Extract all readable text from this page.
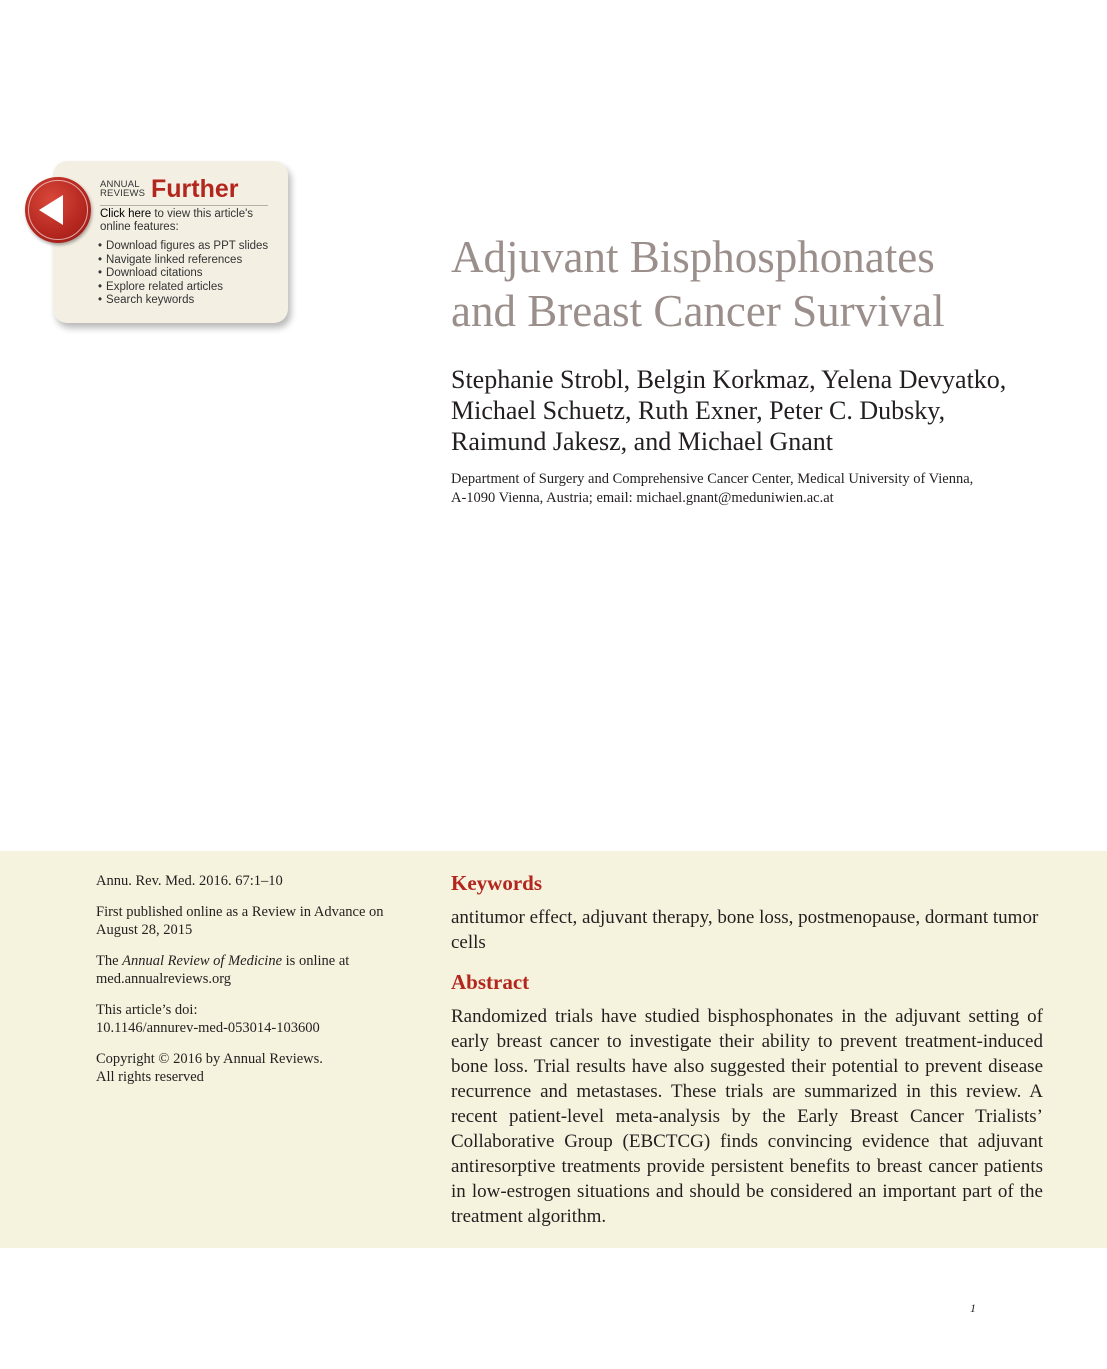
ANNUAL
REVIEWS Further
Click here to view this article's online features:
• Download figures as PPT slides
• Navigate linked references
• Download citations
• Explore related articles
• Search keywords
Adjuvant Bisphosphonates
and Breast Cancer Survival
Stephanie Strobl, Belgin Korkmaz, Yelena Devyatko,
Michael Schuetz, Ruth Exner, Peter C. Dubsky,
Raimund Jakesz, and Michael Gnant
Department of Surgery and Comprehensive Cancer Center, Medical University of Vienna,
A-1090 Vienna, Austria; email: michael.gnant@meduniwien.ac.at

Annu. Rev. Med. 2016. 67:1–10

First published online as a Review in Advance on August 28, 2015

The Annual Review of Medicine is online at med.annualreviews.org

This article’s doi:
10.1146/annurev-med-053014-103600

Copyright © 2016 by Annual Reviews.
All rights reserved

Keywords
antitumor effect, adjuvant therapy, bone loss, postmenopause, dormant tumor cells
Abstract
Randomized trials have studied bisphosphonates in the adjuvant setting of early breast cancer to investigate their ability to prevent treatment-induced bone loss. Trial results have also suggested their potential to prevent disease recurrence and metastases. These trials are summarized in this review. A recent patient-level meta-analysis by the Early Breast Cancer Trialists’ Collaborative Group (EBCTCG) finds convincing evidence that adjuvant antiresorptive treatments provide persistent benefits to breast cancer patients in low-estrogen situations and should be considered an important part of the treatment algorithm.
1
